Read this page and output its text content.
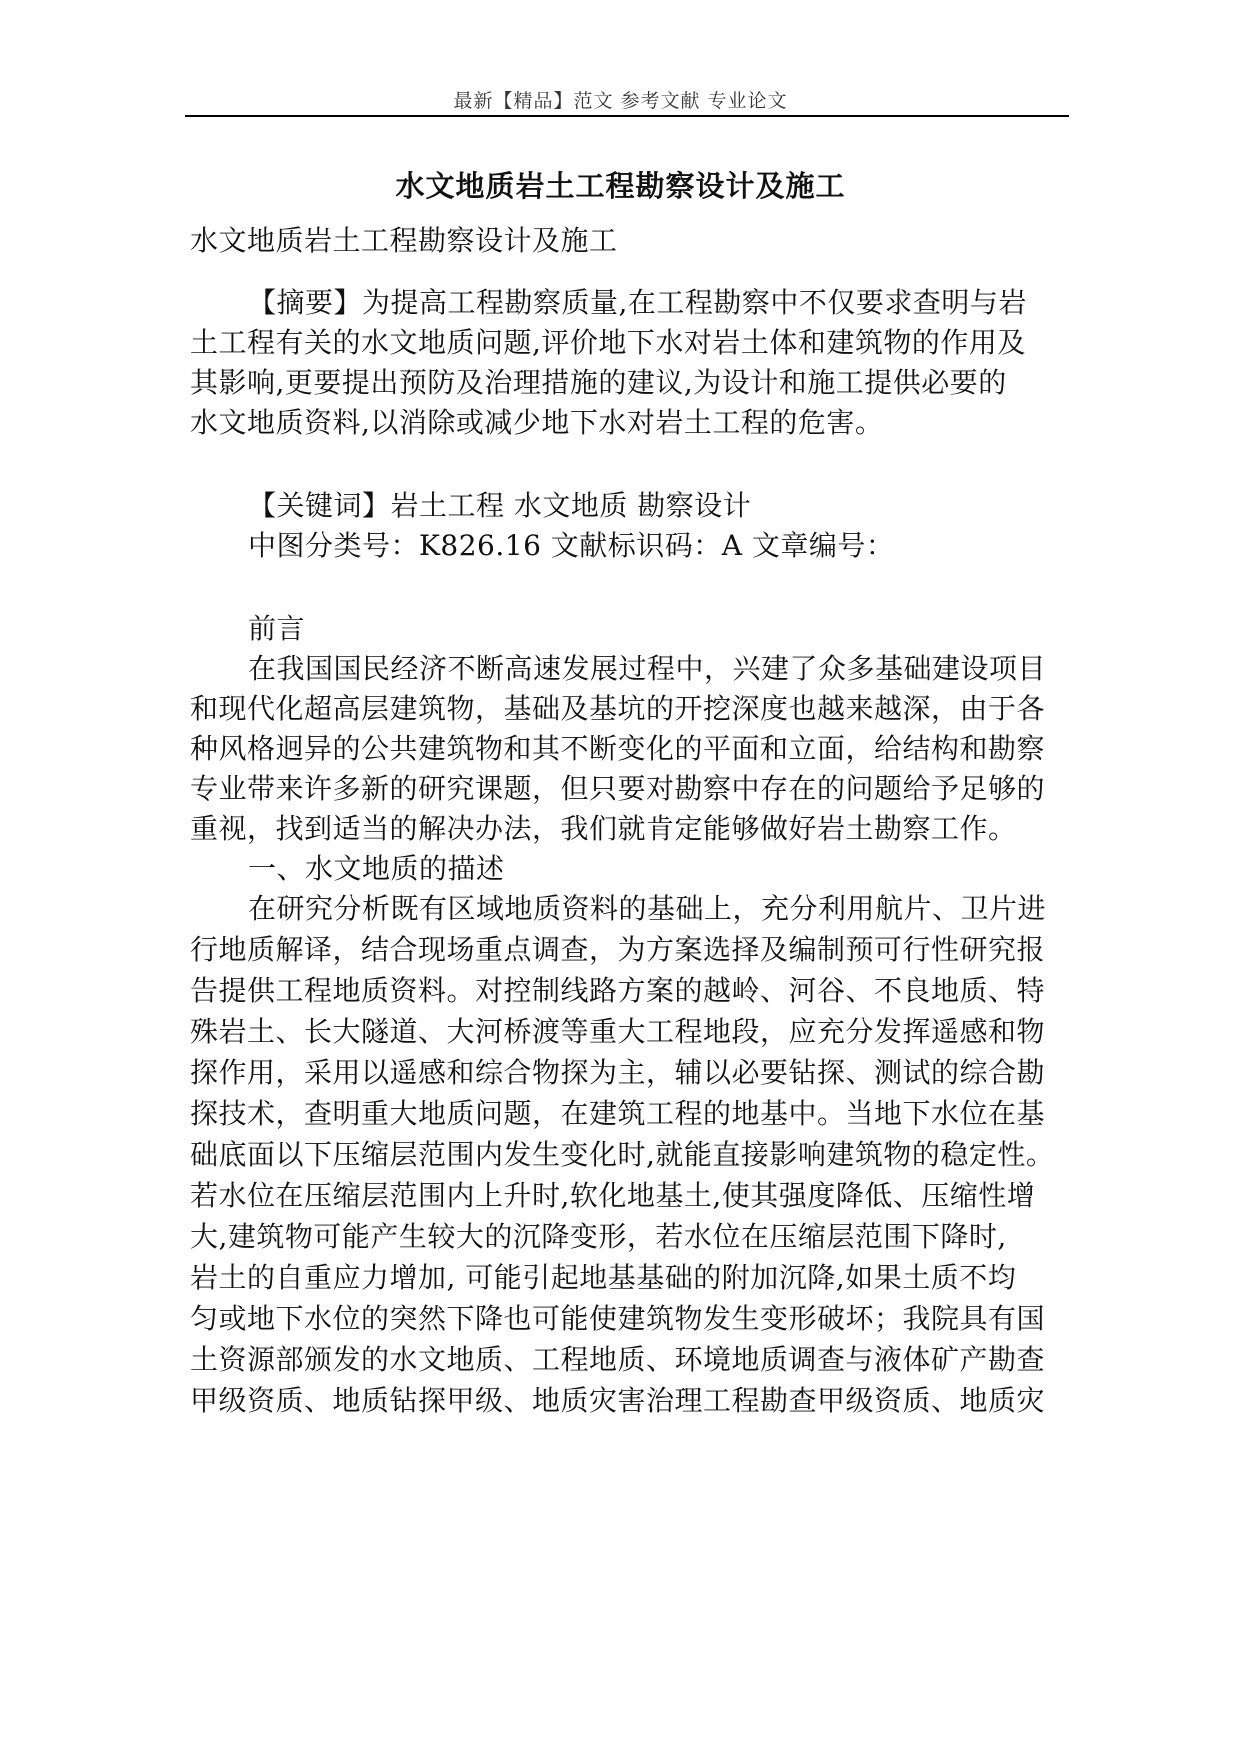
最新【精品】范文 参考文献 专业论文
水文地质岩土工程勘察设计及施工
水文地质岩土工程勘察设计及施工
【摘要】为提高工程勘察质量,在工程勘察中不仅要求查明与岩
土工程有关的水文地质问题,评价地下水对岩土体和建筑物的作用及
其影响,更要提出预防及治理措施的建议,为设计和施工提供必要的
水文地质资料,以消除或减少地下水对岩土工程的危害。
【关键词】岩土工程 水文地质 勘察设计
中图分类号：K826.16 文献标识码：A 文章编号：
前言
在我国国民经济不断高速发展过程中，兴建了众多基础建设项目
和现代化超高层建筑物，基础及基坑的开挖深度也越来越深，由于各
种风格迥异的公共建筑物和其不断变化的平面和立面，给结构和勘察
专业带来许多新的研究课题，但只要对勘察中存在的问题给予足够的
重视，找到适当的解决办法，我们就肯定能够做好岩土勘察工作。
一、水文地质的描述
在研究分析既有区域地质资料的基础上，充分利用航片、卫片进
行地质解译，结合现场重点调查，为方案选择及编制预可行性研究报
告提供工程地质资料。对控制线路方案的越岭、河谷、不良地质、特
殊岩土、长大隧道、大河桥渡等重大工程地段，应充分发挥遥感和物
探作用，采用以遥感和综合物探为主，辅以必要钻探、测试的综合勘
探技术，查明重大地质问题，在建筑工程的地基中。当地下水位在基
础底面以下压缩层范围内发生变化时,就能直接影响建筑物的稳定性。
若水位在压缩层范围内上升时,软化地基土,使其强度降低、压缩性增
大,建筑物可能产生较大的沉降变形，若水位在压缩层范围下降时,
岩土的自重应力增加, 可能引起地基基础的附加沉降,如果土质不均
匀或地下水位的突然下降也可能使建筑物发生变形破坏；我院具有国
土资源部颁发的水文地质、工程地质、环境地质调查与液体矿产勘查
甲级资质、地质钻探甲级、地质灾害治理工程勘查甲级资质、地质灾
